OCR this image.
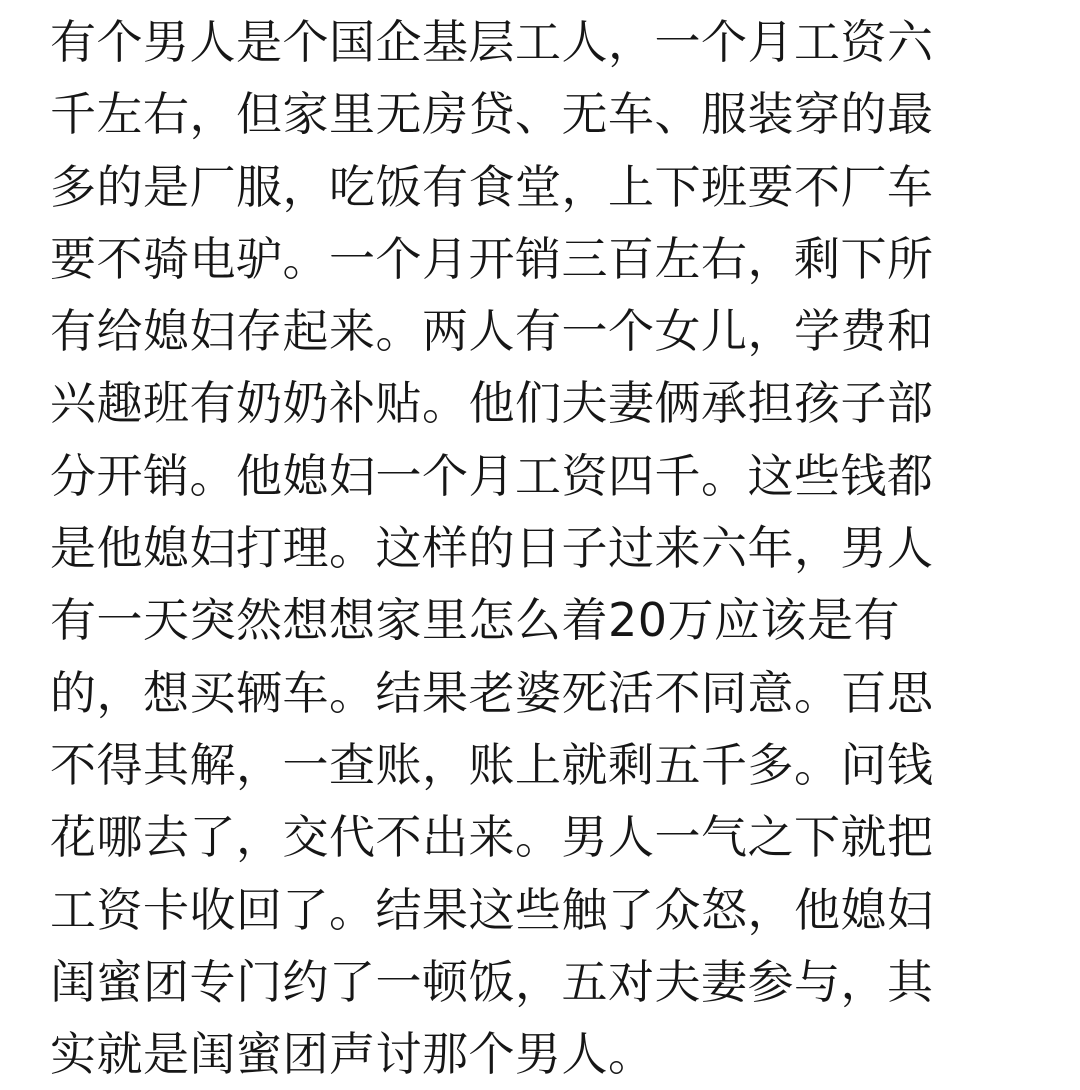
有个男人是个国企基层工人，一个月工资六

千左右，但家里无房贷、无车、服装穿的最

多的是厂服，吃饭有食堂，上下班要不厂车

要不骑电驴。一个月开销三百左右，剩下所

有给媳妇存起来。两人有一个女儿，学费和

兴趣班有奶奶补贴。他们夫妻俩承担孩子部

分开销。他媳妇一个月工资四千。这些钱都

是他媳妇打理。这样的日子过来六年，男人

有一天突然想想家里怎么着20万应该是有

的，想买辆车。结果老婆死活不同意。百思

不得其解，一查账，账上就剩五千多。问钱

花哪去了，交代不出来。男人一气之下就把

工资卡收回了。结果这些触了众怒，他媳妇

闺蜜团专门约了一顿饭，五对夫妻参与，其

实就是闺蜜团声讨那个男人。
